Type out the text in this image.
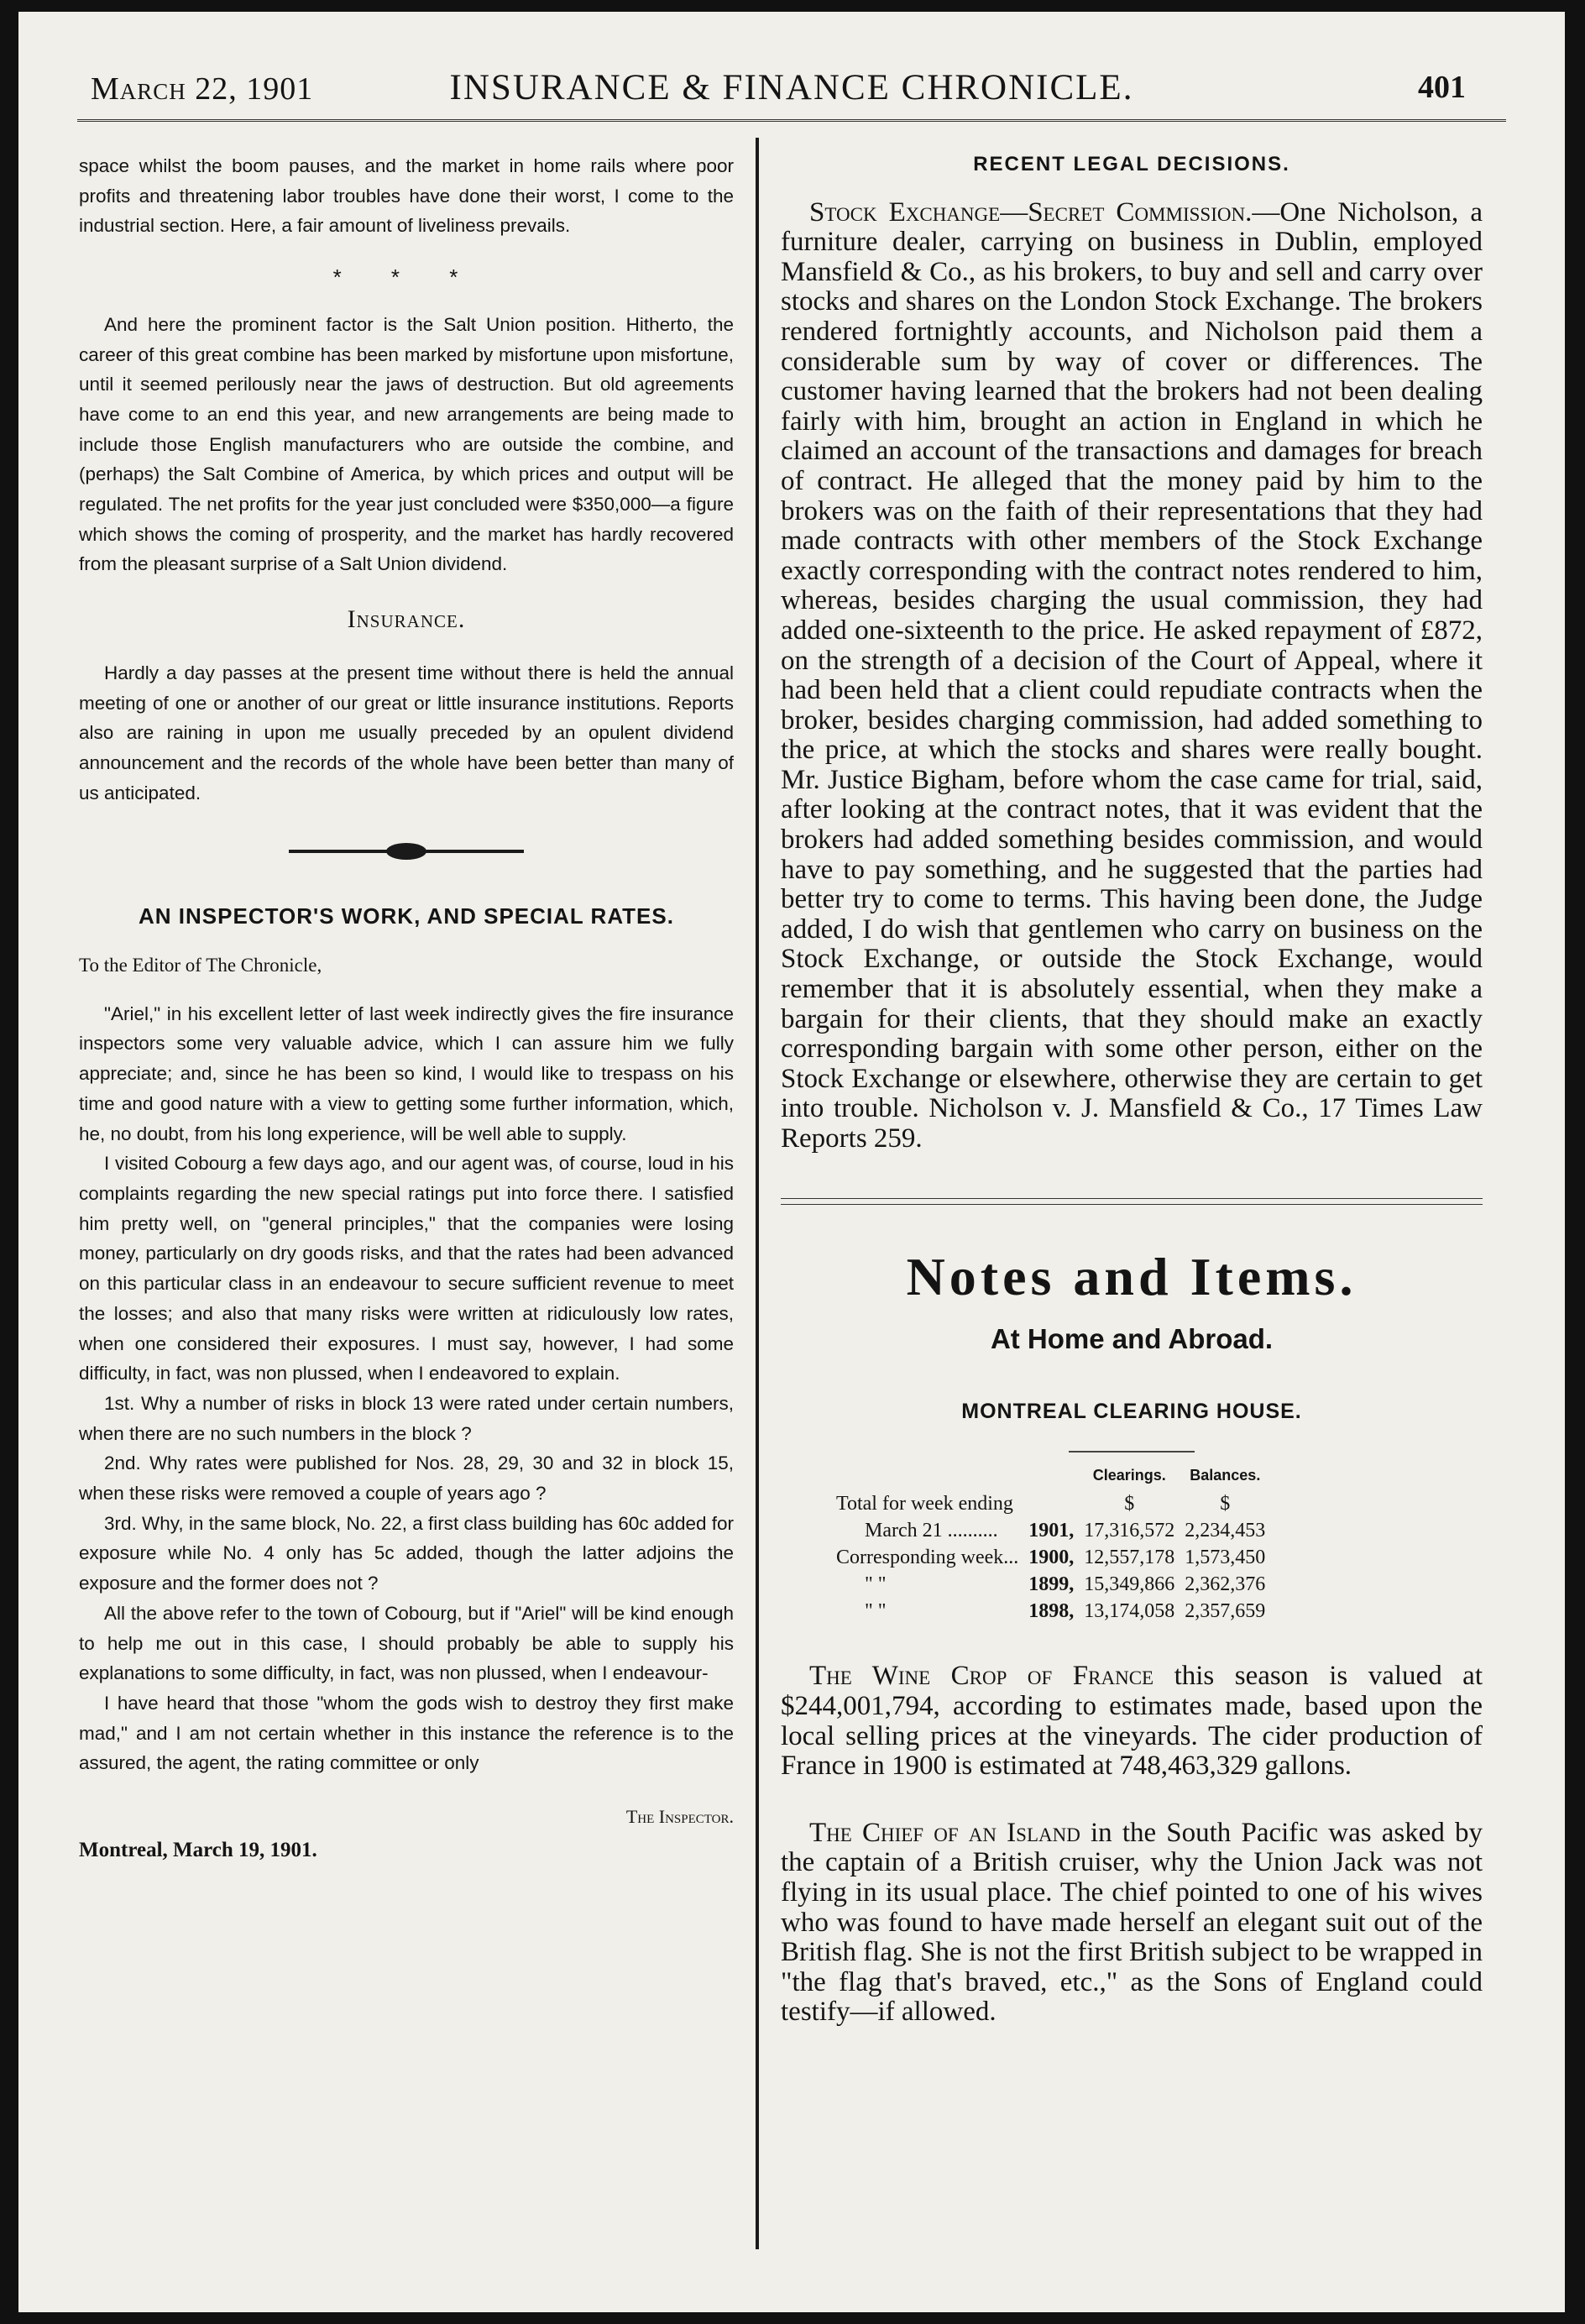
March 22, 1901	INSURANCE & FINANCE CHRONICLE.	401

space whilst the boom pauses, and the market in home rails where poor profits and threatening labor troubles have done their worst, I come to the industrial section. Here, a fair amount of liveliness prevails.

* * *

And here the prominent factor is the Salt Union position. Hitherto, the career of this great combine has been marked by misfortune upon misfortune, until it seemed perilously near the jaws of destruction. But old agreements have come to an end this year, and new arrangements are being made to include those English manufacturers who are outside the combine, and (perhaps) the Salt Combine of America, by which prices and output will be regulated. The net profits for the year just concluded were $350,000—a figure which shows the coming of prosperity, and the market has hardly recovered from the pleasant surprise of a Salt Union dividend.

Insurance.

Hardly a day passes at the present time without there is held the annual meeting of one or another of our great or little insurance institutions. Reports also are raining in upon me usually preceded by an opulent dividend announcement and the records of the whole have been better than many of us anticipated.

AN INSPECTOR'S WORK, AND SPECIAL RATES.

To the Editor of The Chronicle,

"Ariel," in his excellent letter of last week indirectly gives the fire insurance inspectors some very valuable advice, which I can assure him we fully appreciate; and, since he has been so kind, I would like to trespass on his time and good nature with a view to getting some further information, which, he, no doubt, from his long experience, will be well able to supply.

I visited Cobourg a few days ago, and our agent was, of course, loud in his complaints regarding the new special ratings put into force there. I satisfied him pretty well, on "general principles," that the companies were losing money, particularly on dry goods risks, and that the rates had been advanced on this particular class in an endeavour to secure sufficient revenue to meet the losses; and also that many risks were written at ridiculously low rates, when one considered their exposures. I must say, however, I had some difficulty, in fact, was non plussed, when I endeavored to explain.

1st. Why a number of risks in block 13 were rated under certain numbers, when there are no such numbers in the block ?

2nd. Why rates were published for Nos. 28, 29, 30 and 32 in block 15, when these risks were removed a couple of years ago ?

3rd. Why, in the same block, No. 22, a first class building has 60c added for exposure while No. 4 only has 5c added, though the latter adjoins the exposure and the former does not ?

All the above refer to the town of Cobourg, but if "Ariel" will be kind enough to help me out in this case, I should probably be able to supply his explanations to some difficulty, in fact, was non plussed, when I endeavour-

I have heard that those "whom the gods wish to destroy they first make mad," and I am not certain whether in this instance the reference is to the assured, the agent, the rating committee or only

The Inspector.

Montreal, March 19, 1901.

RECENT LEGAL DECISIONS.

Stock Exchange—Secret Commission.—One Nicholson, a furniture dealer, carrying on business in Dublin, employed Mansfield & Co., as his brokers, to buy and sell and carry over stocks and shares on the London Stock Exchange. The brokers rendered fortnightly accounts, and Nicholson paid them a considerable sum by way of cover or differences. The customer having learned that the brokers had not been dealing fairly with him, brought an action in England in which he claimed an account of the transactions and damages for breach of contract. He alleged that the money paid by him to the brokers was on the faith of their representations that they had made contracts with other members of the Stock Exchange exactly corresponding with the contract notes rendered to him, whereas, besides charging the usual commission, they had added one-sixteenth to the price. He asked repayment of £872, on the strength of a decision of the Court of Appeal, where it had been held that a client could repudiate contracts when the broker, besides charging commission, had added something to the price, at which the stocks and shares were really bought. Mr. Justice Bigham, before whom the case came for trial, said, after looking at the contract notes, that it was evident that the brokers had added something besides commission, and would have to pay something, and he suggested that the parties had better try to come to terms. This having been done, the Judge added, I do wish that gentlemen who carry on business on the Stock Exchange, or outside the Stock Exchange, would remember that it is absolutely essential, when they make a bargain for their clients, that they should make an exactly corresponding bargain with some other person, either on the Stock Exchange or elsewhere, otherwise they are certain to get into trouble. Nicholson v. J. Mansfield & Co., 17 Times Law Reports 259.

Notes and Items.
At Home and Abroad.
MONTREAL CLEARING HOUSE.
		Clearings.	Balances.
Total for week ending		$	$
March 21 ..........	1901,	17,316,572	2,234,453
Corresponding week...	1900,	12,557,178	1,573,450
" "	1899,	15,349,866	2,362,376
" "	1898,	13,174,058	2,357,659

The Wine Crop of France this season is valued at $244,001,794, according to estimates made, based upon the local selling prices at the vineyards. The cider production of France in 1900 is estimated at 748,463,329 gallons.

The Chief of an Island in the South Pacific was asked by the captain of a British cruiser, why the Union Jack was not flying in its usual place. The chief pointed to one of his wives who was found to have made herself an elegant suit out of the British flag. She is not the first British subject to be wrapped in "the flag that's braved, etc.," as the Sons of England could testify—if allowed.
